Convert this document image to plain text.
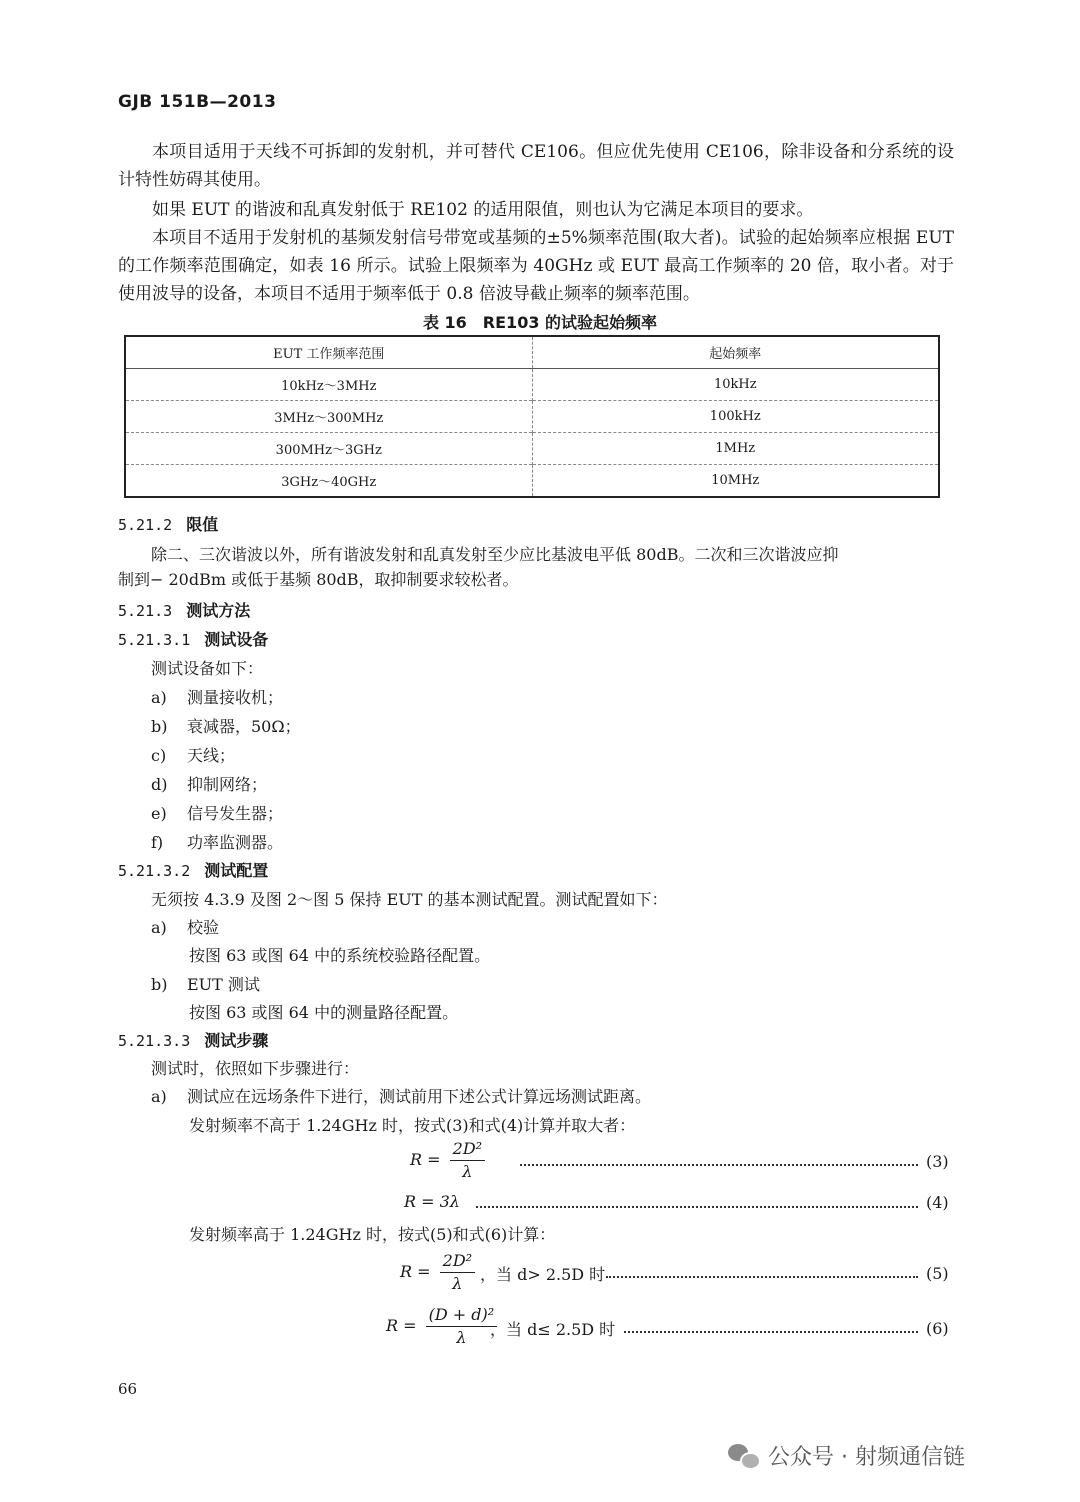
GJB 151B—2013
本项目适用于天线不可拆卸的发射机，并可替代 CE106。但应优先使用 CE106，除非设备和分系统的设计特性妨碍其使用。
如果 EUT 的谐波和乱真发射低于 RE102 的适用限值，则也认为它满足本项目的要求。
本项目不适用于发射机的基频发射信号带宽或基频的±5%频率范围(取大者)。试验的起始频率应根据 EUT 的工作频率范围确定，如表 16 所示。试验上限频率为 40GHz 或 EUT 最高工作频率的 20 倍，取小者。对于使用波导的设备，本项目不适用于频率低于 0.8 倍波导截止频率的频率范围。
表 16　RE103 的试验起始频率
EUT 工作频率范围	起始频率
10kHz～3MHz	10kHz
3MHz～300MHz	100kHz
300MHz～3GHz	1MHz
3GHz～40GHz	10MHz
5.21.2 限值
除二、三次谐波以外，所有谐波发射和乱真发射至少应比基波电平低 80dB。二次和三次谐波应抑
制到− 20dBm 或低于基频 80dB，取抑制要求较松者。
5.21.3 测试方法
5.21.3.1 测试设备
测试设备如下：
a) 测量接收机；
b) 衰减器，50Ω；
c) 天线；
d) 抑制网络；
e) 信号发生器；
f) 功率监测器。
5.21.3.2 测试配置
无须按 4.3.9 及图 2～图 5 保持 EUT 的基本测试配置。测试配置如下：
a) 校验
按图 63 或图 64 中的系统校验路径配置。
b) EUT 测试
按图 63 或图 64 中的测量路径配置。
5.21.3.3 测试步骤
测试时，依照如下步骤进行：
a) 测试应在远场条件下进行，测试前用下述公式计算远场测试距离。
发射频率不高于 1.24GHz 时，按式(3)和式(4)计算并取大者：
$R = \frac{\text{2D²}}{\lambda}$	(3)
R = 3λ	(4)
发射频率高于 1.24GHz 时，按式(5)和式(6)计算：
$R = \frac{\text{2D²}}{\lambda}$ ，当 d> 2.5D 时	(5)
$R = \frac{\text{(D + d)²}}{\lambda}$
，当 d≤ 2.5D 时	(6)
66
公众号 · 射频通信链
